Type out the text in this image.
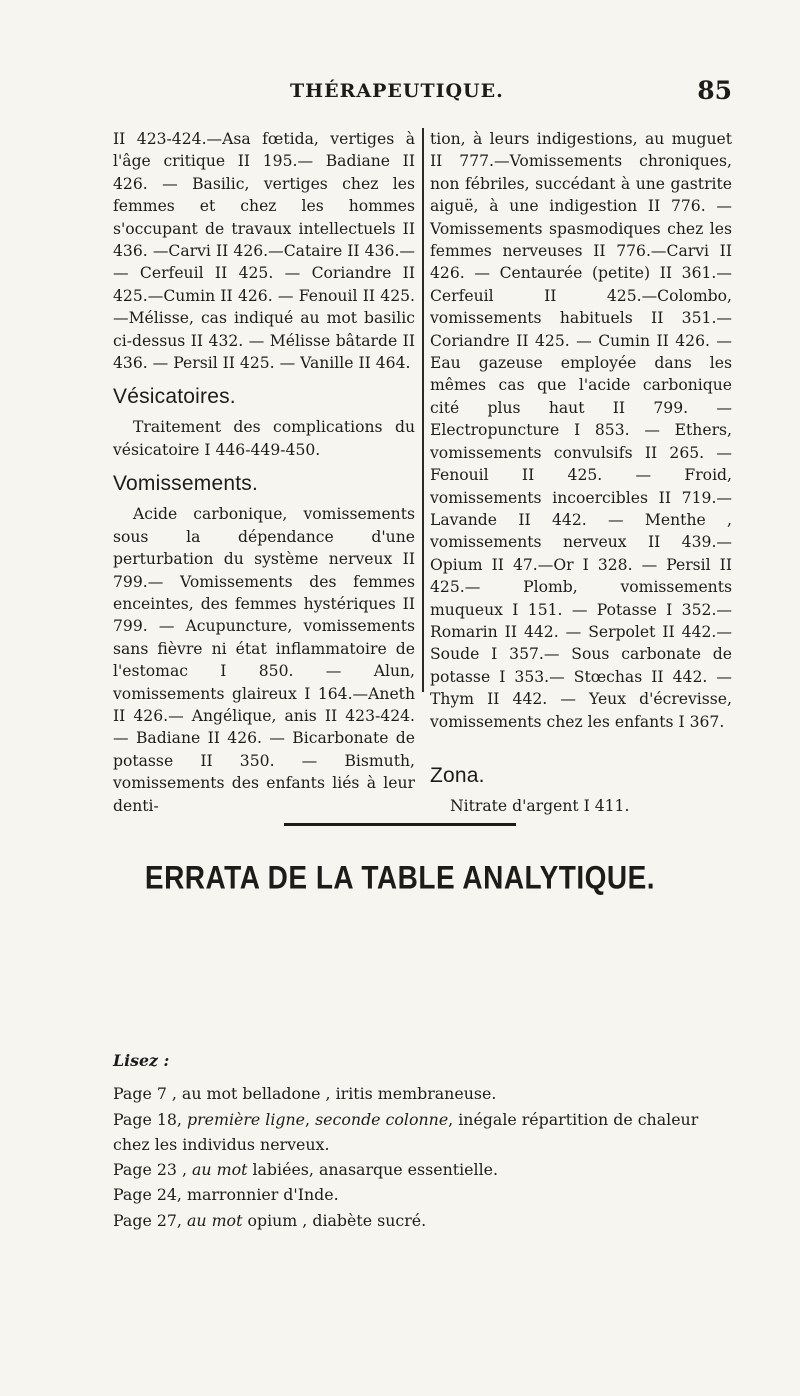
THÉRAPEUTIQUE.	85

II 423-424.—Asa fœtida, vertiges à l'âge critique II 195.— Badiane II 426. — Basilic, vertiges chez les femmes et chez les hommes s'occupant de travaux intellectuels II 436. —Carvi II 426.—Cataire II 436.— — Cerfeuil II 425. — Coriandre II 425.—Cumin II 426. — Fenouil II 425.—Mélisse, cas indiqué au mot basilic ci-dessus II 432. — Mélisse bâtarde II 436. — Persil II 425. — Vanille II 464.

Vésicatoires.

Traitement des complications du vésicatoire I 446-449-450.

Vomissements.

Acide carbonique, vomissements sous la dépendance d'une perturbation du système nerveux II 799.— Vomissements des femmes enceintes, des femmes hystériques II 799. — Acupuncture, vomissements sans fièvre ni état inflammatoire de l'estomac I 850. — Alun, vomissements glaireux I 164.—Aneth II 426.— Angélique, anis II 423-424. — Badiane II 426. — Bicarbonate de potasse II 350. — Bismuth, vomissements des enfants liés à leur denti-

tion, à leurs indigestions, au muguet II 777.—Vomissements chroniques, non fébriles, succédant à une gastrite aiguë, à une indigestion II 776. — Vomissements spasmodiques chez les femmes nerveuses II 776.—Carvi II 426. — Centaurée (petite) II 361.— Cerfeuil II 425.—Colombo, vomissements habituels II 351.— Coriandre II 425. — Cumin II 426. — Eau gazeuse employée dans les mêmes cas que l'acide carbonique cité plus haut II 799. — Electropuncture I 853. — Ethers, vomissements convulsifs II 265. — Fenouil II 425. — Froid, vomissements incoercibles II 719.—Lavande II 442. — Menthe , vomissements nerveux II 439.—Opium II 47.—Or I 328. — Persil II 425.— Plomb, vomissements muqueux I 151. — Potasse I 352.— Romarin II 442. — Serpolet II 442.— Soude I 357.— Sous carbonate de potasse I 353.— Stœchas II 442. — Thym II 442. — Yeux d'écrevisse, vomissements chez les enfants I 367.

Zona.

Nitrate d'argent I 411.

ERRATA DE LA TABLE ANALYTIQUE.

Lisez :

Page 7 , au mot belladone , iritis membraneuse.

Page 18, première ligne, seconde colonne, inégale répartition de chaleur chez les individus nerveux.

Page 23 , au mot labiées, anasarque essentielle.

Page 24, marronnier d'Inde.

Page 27, au mot opium , diabète sucré.
